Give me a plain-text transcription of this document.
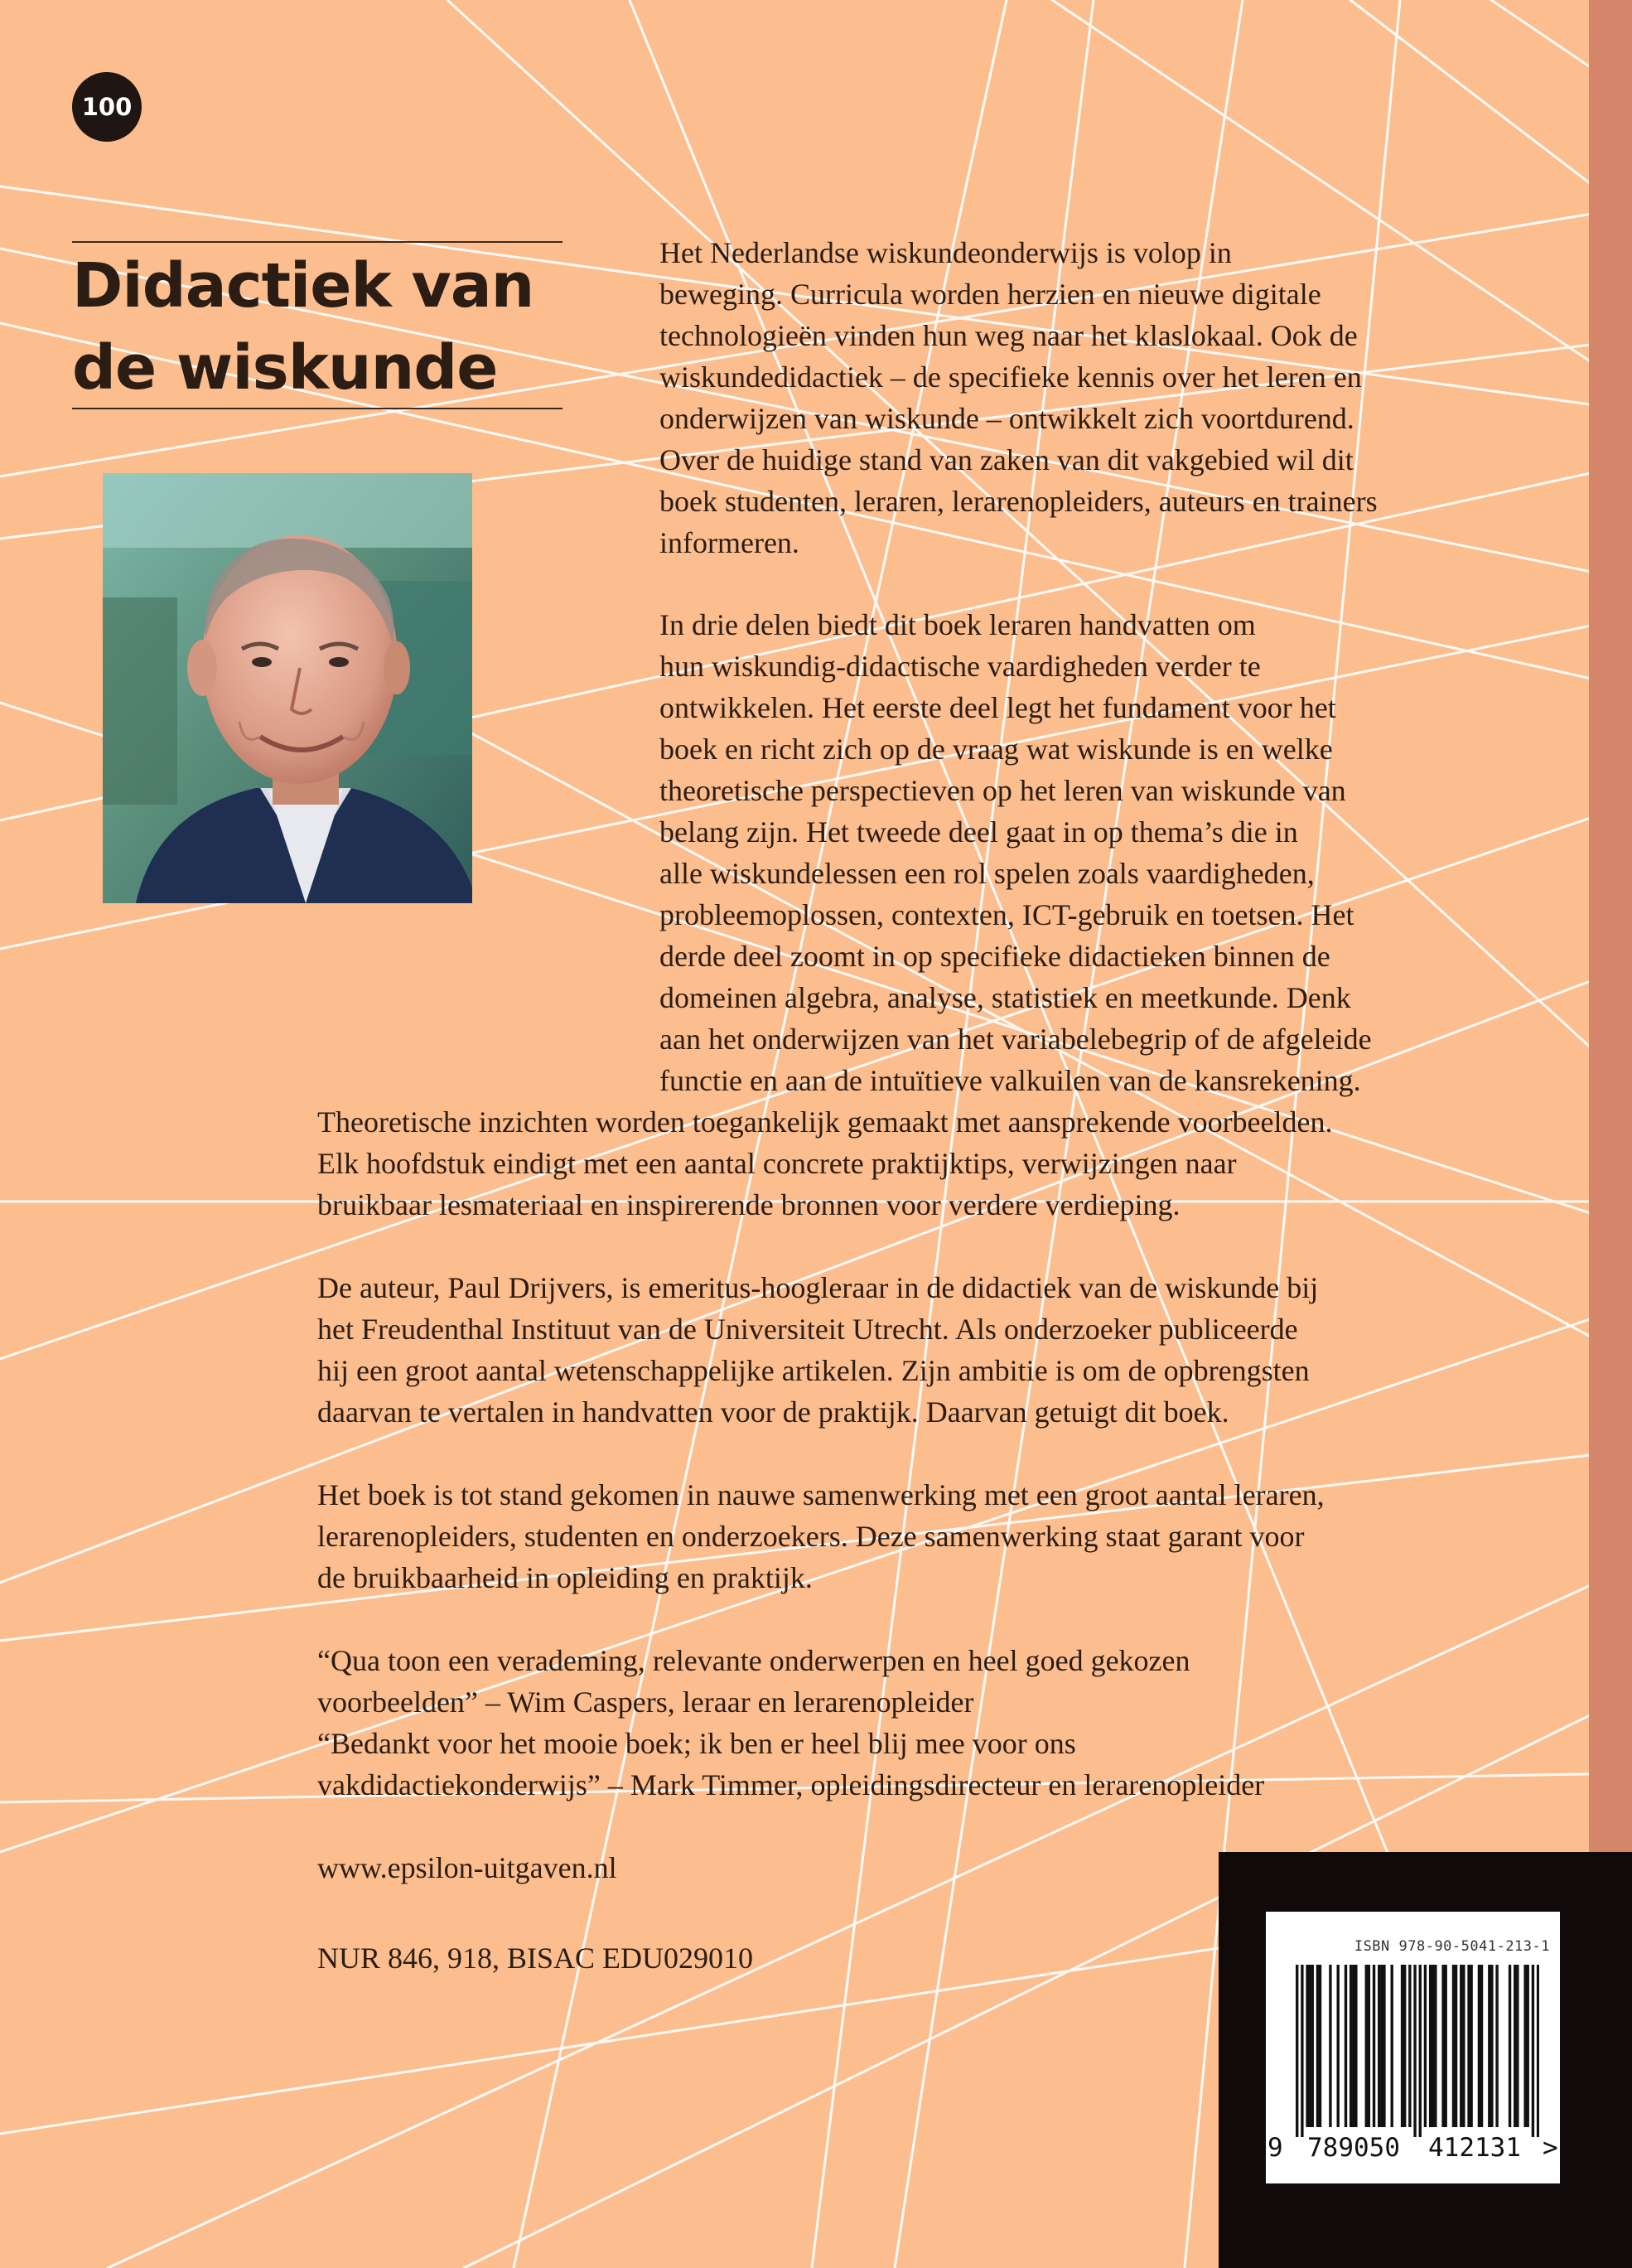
100
Didactiek van
de wiskunde

Het Nederlandse wiskundeonderwijs is volop in
beweging. Curricula worden herzien en nieuwe digitale
technologieën vinden hun weg naar het klaslokaal. Ook de
wiskundedidactiek – de specifieke kennis over het leren en
onderwijzen van wiskunde – ontwikkelt zich voortdurend.
Over de huidige stand van zaken van dit vakgebied wil dit
boek studenten, leraren, lerarenopleiders, auteurs en trainers
informeren.

In drie delen biedt dit boek leraren handvatten om
hun wiskundig-didactische vaardigheden verder te
ontwikkelen. Het eerste deel legt het fundament voor het
boek en richt zich op de vraag wat wiskunde is en welke
theoretische perspectieven op het leren van wiskunde van
belang zijn. Het tweede deel gaat in op thema’s die in
alle wiskundelessen een rol spelen zoals vaardigheden,
probleemoplossen, contexten, ICT-gebruik en toetsen. Het
derde deel zoomt in op specifieke didactieken binnen de
domeinen algebra, analyse, statistiek en meetkunde. Denk
aan het onderwijzen van het variabelebegrip of de afgeleide
functie en aan de intuïtieve valkuilen van de kansrekening.

Theoretische inzichten worden toegankelijk gemaakt met aansprekende voorbeelden.
Elk hoofdstuk eindigt met een aantal concrete praktijktips, verwijzingen naar
bruikbaar lesmateriaal en inspirerende bronnen voor verdere verdieping.

De auteur, Paul Drijvers, is emeritus-hoogleraar in de didactiek van de wiskunde bij
het Freudenthal Instituut van de Universiteit Utrecht. Als onderzoeker publiceerde
hij een groot aantal wetenschappelijke artikelen. Zijn ambitie is om de opbrengsten
daarvan te vertalen in handvatten voor de praktijk. Daarvan getuigt dit boek.

Het boek is tot stand gekomen in nauwe samenwerking met een groot aantal leraren,
lerarenopleiders, studenten en onderzoekers. Deze samenwerking staat garant voor
de bruikbaarheid in opleiding en praktijk.

“Qua toon een verademing, relevante onderwerpen en heel goed gekozen
voorbeelden” – Wim Caspers, leraar en lerarenopleider
“Bedankt voor het mooie boek; ik ben er heel blij mee voor ons
vakdidactiekonderwijs” – Mark Timmer, opleidingsdirecteur en lerarenopleider

www.epsilon-uitgaven.nl

NUR 846, 918, BISAC EDU029010	ISBN 978-90-5041-213-1

9 789050 412131 >
